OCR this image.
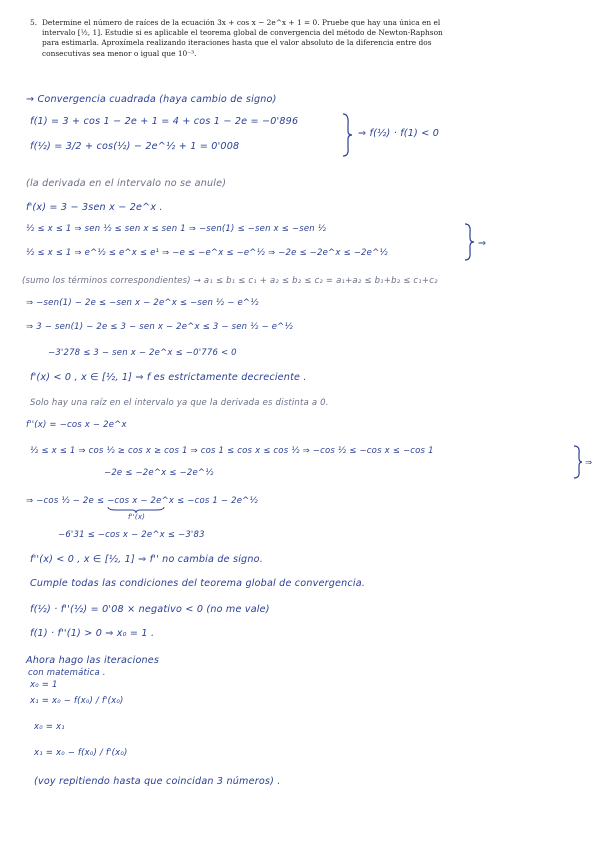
5. Determine el número de raíces de la ecuación 3x + cos x − 2e^x + 1 = 0. Pruebe que hay una única en el intervalo [½, 1]. Estudie si es aplicable el teorema global de convergencia del método de Newton-Raphson para estimarla. Aproxímela realizando iteraciones hasta que el valor absoluto de la diferencia entre dos consecutivas sea menor o igual que 10⁻³.
→ Convergencia cuadrada (haya cambio de signo)
f(1) = 3 + cos 1 − 2e + 1 = 4 + cos 1 − 2e = −0'896
f(½) = 3/2 + cos(½) − 2e^½ + 1 = 0'008
⇒ f(½) · f(1) < 0
(la derivada en el intervalo no se anule)
f'(x) = 3 − 3sen x − 2e^x .
½ ≤ x ≤ 1 ⇒ sen ½ ≤ sen x ≤ sen 1 ⇒ −sen(1) ≤ −sen x ≤ −sen ½
½ ≤ x ≤ 1 ⇒ e^½ ≤ e^x ≤ e¹ ⇒ −e ≤ −e^x ≤ −e^½ ⇒ −2e ≤ −2e^x ≤ −2e^½
⇒
(sumo los términos correspondientes) → a₁ ≤ b₁ ≤ c₁ + a₂ ≤ b₂ ≤ c₂ = a₁+a₂ ≤ b₁+b₂ ≤ c₁+c₂
⇒ −sen(1) − 2e ≤ −sen x − 2e^x ≤ −sen ½ − e^½
⇒ 3 − sen(1) − 2e ≤ 3 − sen x − 2e^x ≤ 3 − sen ½ − e^½
−3'278 ≤ 3 − sen x − 2e^x ≤ −0'776 < 0
f'(x) < 0 , x ∈ [½, 1] ⇒ f es estrictamente decreciente .
Solo hay una raíz en el intervalo ya que la derivada es distinta a 0.
f''(x) = −cos x − 2e^x
½ ≤ x ≤ 1 ⇒ cos ½ ≥ cos x ≥ cos 1 ⇒ cos 1 ≤ cos x ≤ cos ½ ⇒ −cos ½ ≤ −cos x ≤ −cos 1
−2e ≤ −2e^x ≤ −2e^½
⇒
⇒ −cos ½ − 2e ≤ −cos x − 2e^x ≤ −cos 1 − 2e^½
f''(x)
−6'31 ≤ −cos x − 2e^x ≤ −3'83
f''(x) < 0 , x ∈ [½, 1] ⇒ f'' no cambia de signo.
Cumple todas las condiciones del teorema global de convergencia.
f(½) · f''(½) = 0'08 × negativo < 0 (no me vale)
f(1) · f''(1) > 0 ⇒ x₀ = 1 .
Ahora hago las iteraciones
con matemática .
x₀ = 1
x₁ = x₀ − f(x₀) / f'(x₀)
x₀ = x₁
x₁ = x₀ − f(x₀) / f'(x₀)
(voy repitiendo hasta que coincidan 3 números) .
